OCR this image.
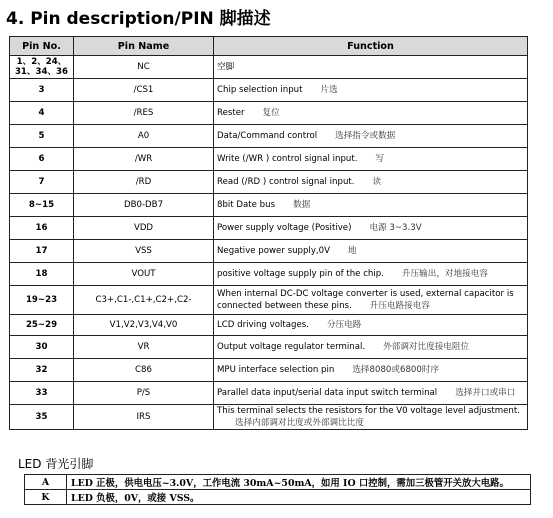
4. Pin description/PIN 脚描述
Pin No.	Pin Name	Function
1、2、24、
31、34、36	NC	空脚
3	/CS1	Chip selection input 片选
4	/RES	Rester 复位
5	A0	Data/Command control 选择指令或数据
6	/WR	Write (/WR ) control signal input. 写
7	/RD	Read (/RD ) control signal input. 读
8~15	DB0-DB7	8bit Date bus 数据
16	VDD	Power supply voltage (Positive) 电源 3~3.3V
17	VSS	Negative power supply,0V 地
18	VOUT	positive voltage supply pin of the chip. 升压输出，对地接电容
19~23	C3+,C1-,C1+,C2+,C2-	When internal DC-DC voltage converter is used, external capacitor is connected between these pins. 升压电路接电容
25~29	V1,V2,V3,V4,V0	LCD driving voltages. 分压电路
30	VR	Output voltage regulator terminal. 外部调对比度接电阻位
32	C86	MPU interface selection pin 选择8080或6800时序
33	P/S	Parallel data input/serial data input switch terminal 选择并口或串口
35	IRS	This terminal selects the resistors for the V0 voltage level adjustment.选择内部调对比度或外部调比比度
LED 背光引脚
A	LED 正极，供电电压~3.0V，工作电流 30mA~50mA，如用 IO 口控制，需加三极管开关放大电路。
K	LED 负极，0V，或接 VSS。
